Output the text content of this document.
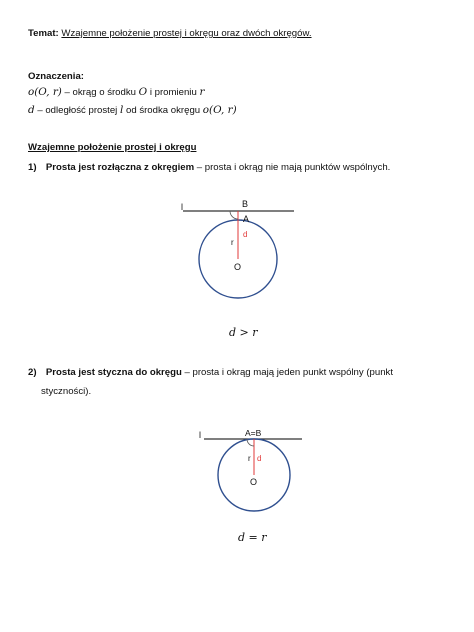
Temat: Wzajemne położenie prostej i okręgu oraz dwóch okręgów.
Oznaczenia:
o(O, r) – okrąg o środku O i promieniu r
d – odległość prostej l od środka okręgu o(O, r)
Wzajemne położenie prostej i okręgu
1) Prosta jest rozłączna z okręgiem – prosta i okrąg nie mają punktów wspólnych.
l	B
A
r
d
O
d > r
2) Prosta jest styczna do okręgu – prosta i okrąg mają jeden punkt wspólny (punkt
styczności).
l	A=B
r d
O
d = r
